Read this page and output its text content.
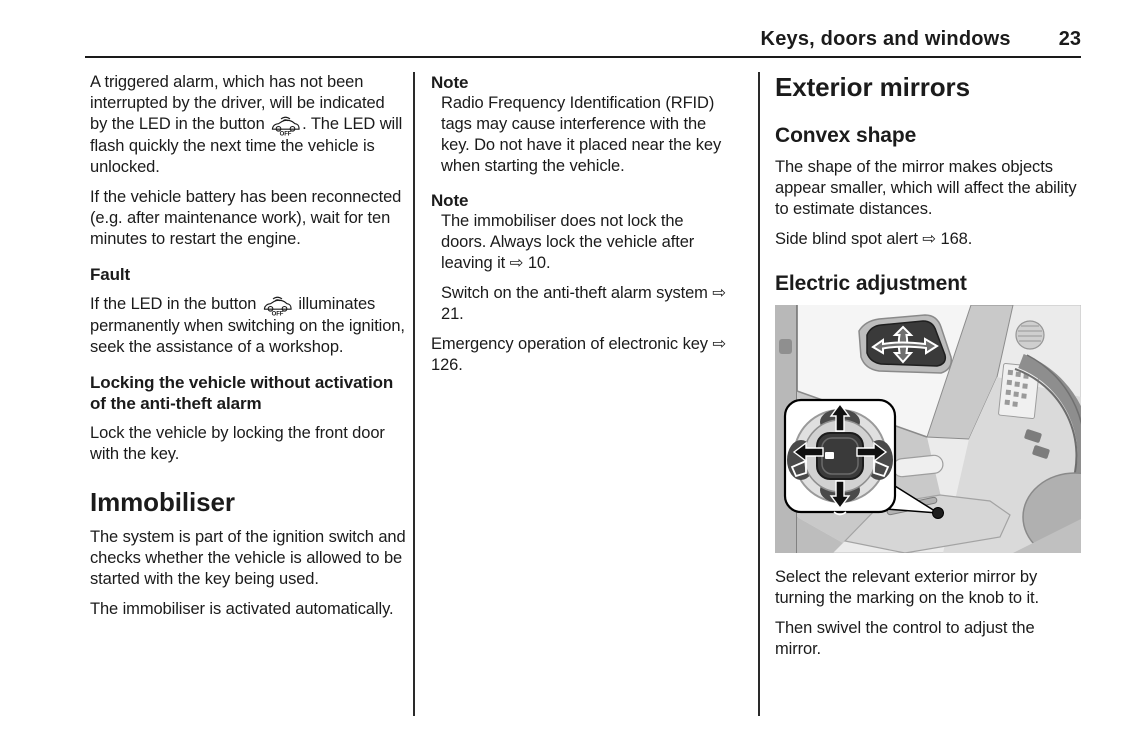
Keys, doors and windows 23

A triggered alarm, which has not been interrupted by the driver, will be indicated by the LED in the button
OFF
. The LED will flash quickly the next time the vehicle is unlocked.

If the vehicle battery has been reconnected (e.g. after maintenance work), wait for ten minutes to restart the engine.

Fault

If the LED in the button
OFF
illuminates permanently when switching on the ignition, seek the assistance of a workshop.

Locking the vehicle without activation of the anti-theft alarm

Lock the vehicle by locking the front door with the key.

Immobiliser

The system is part of the ignition switch and checks whether the vehicle is allowed to be started with the key being used.

The immobiliser is activated automatically.

Note

Radio Frequency Identification (RFID) tags may cause interference with the key. Do not have it placed near the key when starting the vehicle.

Note

The immobiliser does not lock the doors. Always lock the vehicle after leaving it ⇨ 10.

Switch on the anti-theft alarm system ⇨ 21.

Emergency operation of electronic key ⇨ 126.

Exterior mirrors
Convex shape

The shape of the mirror makes objects appear smaller, which will affect the ability to estimate distances.

Side blind spot alert ⇨ 168.

Electric adjustment

Select the relevant exterior mirror by turning the marking on the knob to it.

Then swivel the control to adjust the mirror.
